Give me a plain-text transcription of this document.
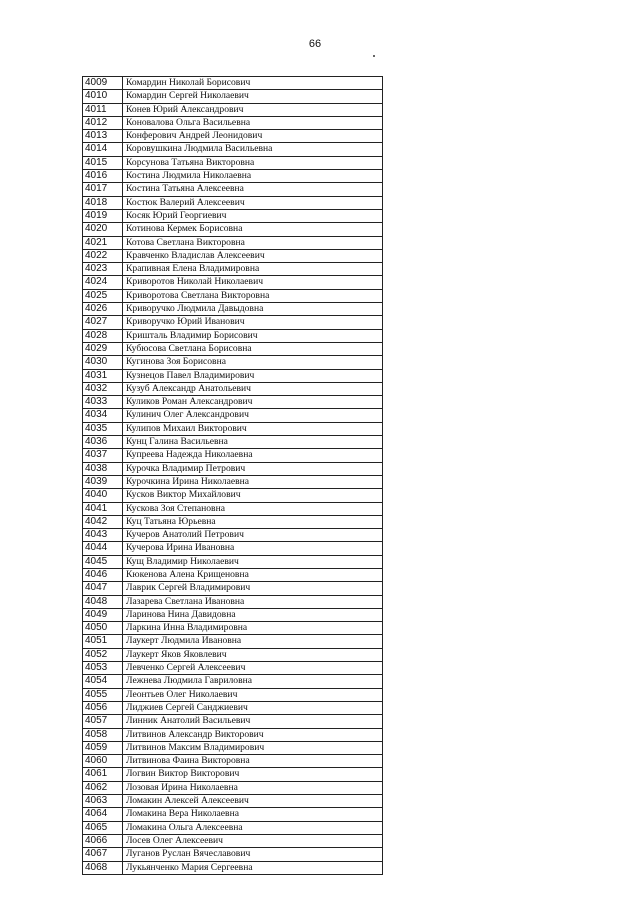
66
4009	Комардин Николай Борисович
4010	Комардин Сергей Николаевич
4011	Конев Юрий Александрович
4012	Коновалова Ольга Васильевна
4013	Конферович Андрей Леонидович
4014	Коровушкина Людмила Васильевна
4015	Корсунова Татьяна Викторовна
4016	Костина Людмила Николаевна
4017	Костина Татьяна Алексеевна
4018	Костюк Валерий Алексеевич
4019	Косяк Юрий Георгиевич
4020	Котинова Кермек Борисовна
4021	Котова Светлана Викторовна
4022	Кравченко Владислав Алексеевич
4023	Крапивная Елена Владимировна
4024	Криворотов Николай Николаевич
4025	Криворотова Светлана Викторовна
4026	Криворучко Людмила Давыдовна
4027	Криворучко Юрий Иванович
4028	Кришталь Владимир Борисович
4029	Кубюсова Светлана Борисовна
4030	Кугинова Зоя Борисовна
4031	Кузнецов Павел Владимирович
4032	Кузуб Александр Анатольевич
4033	Куликов Роман Александрович
4034	Кулинич Олег Александрович
4035	Кулипов Михаил Викторович
4036	Кунц Галина Васильевна
4037	Купреева Надежда Николаевна
4038	Курочка Владимир Петрович
4039	Курочкина Ирина Николаевна
4040	Кусков Виктор Михайлович
4041	Кускова Зоя Степановна
4042	Куц Татьяна Юрьевна
4043	Кучеров Анатолий Петрович
4044	Кучерова Ирина Ивановна
4045	Кущ Владимир Николаевич
4046	Кюкенова Алена Крищеновна
4047	Лаврик Сергей Владимирович
4048	Лазарева Светлана Ивановна
4049	Ларинова Нина Давидовна
4050	Ларкина Инна Владимировна
4051	Лаукерт Людмила Ивановна
4052	Лаукерт Яков Яковлевич
4053	Левченко Сергей Алексеевич
4054	Лежнева Людмила Гавриловна
4055	Леонтьев Олег Николаевич
4056	Лиджиев Сергей Санджиевич
4057	Линник Анатолий Васильевич
4058	Литвинов Александр Викторович
4059	Литвинов Максим Владимирович
4060	Литвинова Фаина Викторовна
4061	Логвин Виктор Викторович
4062	Лозовая Ирина Николаевна
4063	Ломакин Алексей Алексеевич
4064	Ломакина Вера Николаевна
4065	Ломакина Ольга Алексеевна
4066	Лосев Олег Алексеевич
4067	Луганов Руслан Вячеславович
4068	Лукьянченко Мария Сергеевна
